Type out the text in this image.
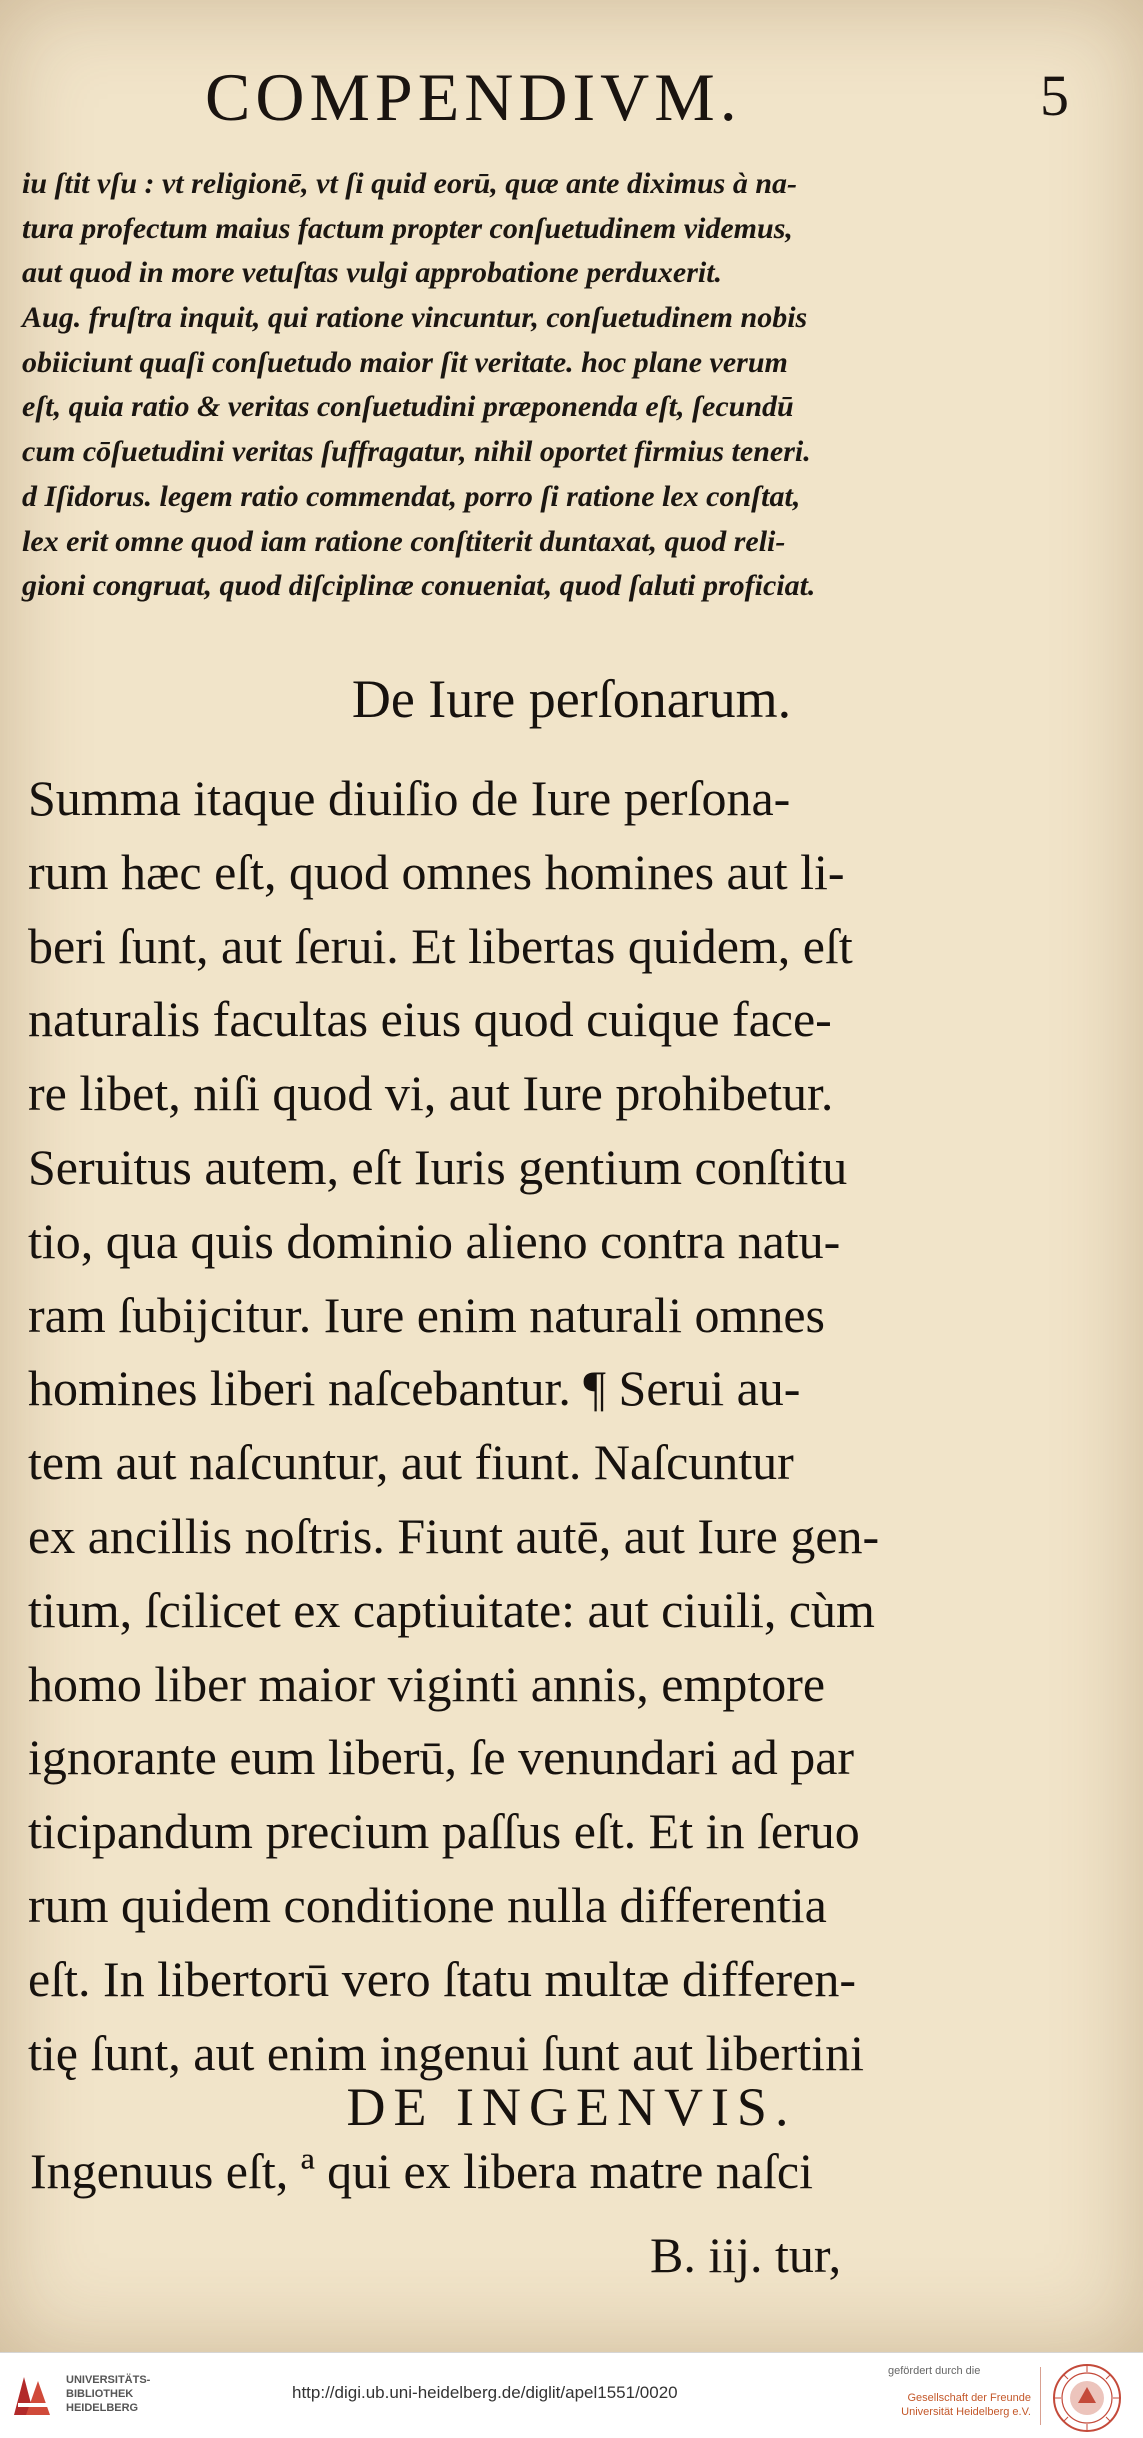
COMPENDIVM.	5
iu ſtit vſu : vt religionē, vt ſi quid eorū, quæ ante diximus à na-
tura profectum maius factum propter conſuetudinem videmus,
aut quod in more vetuſtas vulgi approbatione perduxerit.
Aug. fruſtra inquit, qui ratione vincuntur, conſuetudinem nobis
obiiciunt quaſi conſuetudo maior ſit veritate. hoc plane verum
eſt, quia ratio & veritas conſuetudini præponenda eſt, ſecundū
cum cōſuetudini veritas ſuffragatur, nihil oportet firmius teneri.
d Iſidorus. legem ratio commendat, porro ſi ratione lex conſtat,
lex erit omne quod iam ratione conſtiterit duntaxat, quod reli-
gioni congruat, quod diſciplinæ conueniat, quod ſaluti proficiat.
De Iure perſonarum.
Summa itaque diuiſio de Iure perſona-
rum hæc eſt, quod omnes homines aut li-
beri ſunt, aut ſerui. Et libertas quidem, eſt
naturalis facultas eius quod cuique face-
re libet, niſi quod vi, aut Iure prohibetur.
Seruitus autem, eſt Iuris gentium conſtitu
tio, qua quis dominio alieno contra natu-
ram ſubijcitur. Iure enim naturali omnes
homines liberi naſcebantur. ¶ Serui au-
tem aut naſcuntur, aut fiunt. Naſcuntur
ex ancillis noſtris. Fiunt autē, aut Iure gen-
tium, ſcilicet ex captiuitate: aut ciuili, cùm
homo liber maior viginti annis, emptore
ignorante eum liberū, ſe venundari ad par
ticipandum precium paſſus eſt. Et in ſeruo
rum quidem conditione nulla differentia
eſt. In libertorū vero ſtatu multæ differen-
tię ſunt, aut enim ingenui ſunt aut libertini
DE INGENVIS.
Ingenuus eſt, ª qui ex libera matre naſci
B. iij. tur,
UNIVERSITÄTS-
BIBLIOTHEK
HEIDELBERG
http://digi.ub.uni-heidelberg.de/diglit/apel1551/0020
gefördert durch die
Gesellschaft der Freunde
Universität Heidelberg e.V.
